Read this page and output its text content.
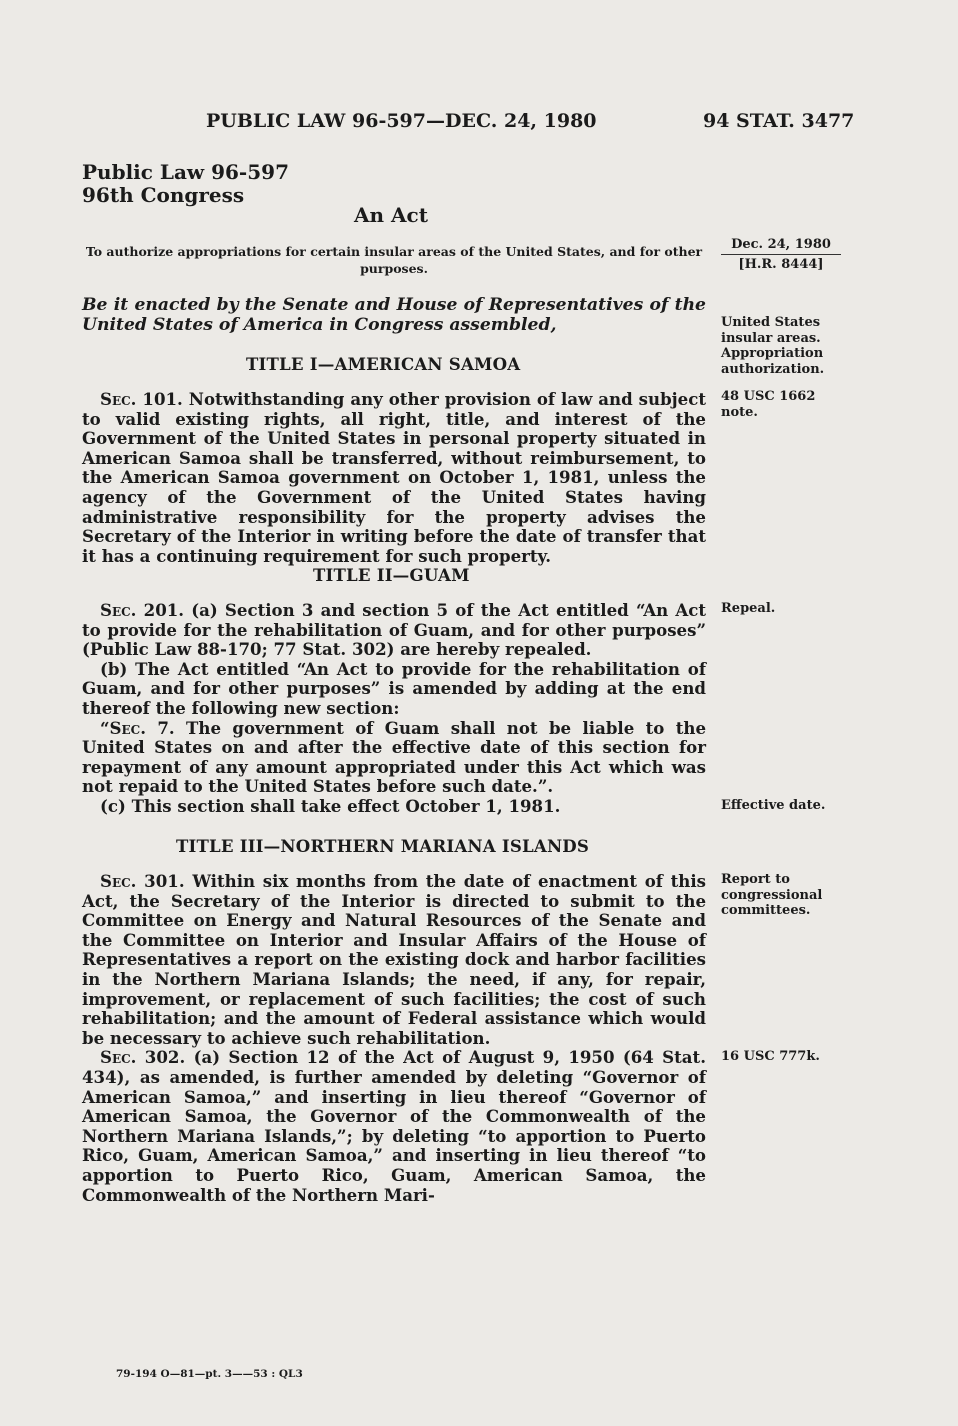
PUBLIC LAW 96-597—DEC. 24, 1980	94 STAT. 3477
Public Law 96-597
96th Congress
An Act
To authorize appropriations for certain insular areas of the United States, and for other purposes.
Dec. 24, 1980
[H.R. 8444]
Be it enacted by the Senate and House of Representatives of the United States of America in Congress assembled,
TITLE I—AMERICAN SAMOA

Sec. 101. Notwithstanding any other provision of law and subject to valid existing rights, all right, title, and interest of the Government of the United States in personal property situated in American Samoa shall be transferred, without reimbursement, to the American Samoa government on October 1, 1981, unless the agency of the Government of the United States having administrative responsibility for the property advises the Secretary of the Interior in writing before the date of transfer that it has a continuing requirement for such property.

TITLE II—GUAM

Sec. 201. (a) Section 3 and section 5 of the Act entitled “An Act to provide for the rehabilitation of Guam, and for other purposes” (Public Law 88-170; 77 Stat. 302) are hereby repealed.

(b) The Act entitled “An Act to provide for the rehabilitation of Guam, and for other purposes” is amended by adding at the end thereof the following new section:

“Sec. 7. The government of Guam shall not be liable to the United States on and after the effective date of this section for repayment of any amount appropriated under this Act which was not repaid to the United States before such date.”.

(c) This section shall take effect October 1, 1981.

TITLE III—NORTHERN MARIANA ISLANDS

Sec. 301. Within six months from the date of enactment of this Act, the Secretary of the Interior is directed to submit to the Committee on Energy and Natural Resources of the Senate and the Committee on Interior and Insular Affairs of the House of Representatives a report on the existing dock and harbor facilities in the Northern Mariana Islands; the need, if any, for repair, improvement, or replacement of such facilities; the cost of such rehabilitation; and the amount of Federal assistance which would be necessary to achieve such rehabilitation.

Sec. 302. (a) Section 12 of the Act of August 9, 1950 (64 Stat. 434), as amended, is further amended by deleting “Governor of American Samoa,” and inserting in lieu thereof “Governor of American Samoa, the Governor of the Commonwealth of the Northern Mariana Islands,”; by deleting “to apportion to Puerto Rico, Guam, American Samoa,” and inserting in lieu thereof “to apportion to Puerto Rico, Guam, American Samoa, the Commonwealth of the Northern Mari-

United States insular areas. Appropriation authorization.
48 USC 1662 note.
Repeal.
Effective date.
Report to congressional committees.
16 USC 777k.
79-194 O—81—pt. 3——53 : QL3
